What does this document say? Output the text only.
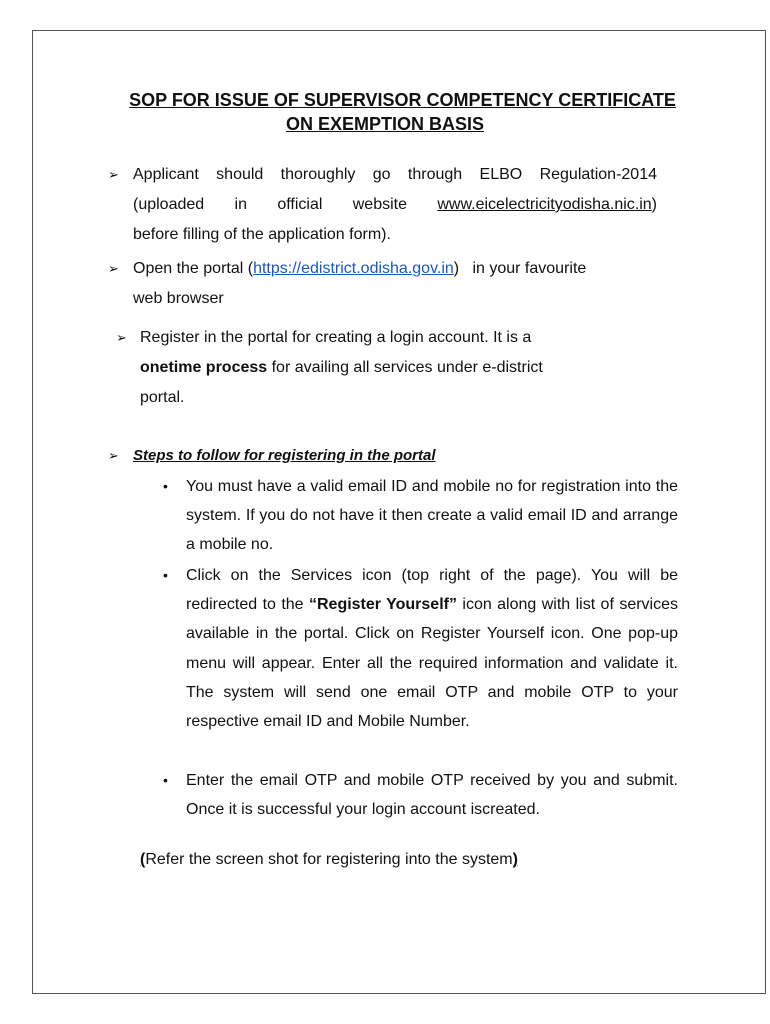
SOP FOR ISSUE OF SUPERVISOR COMPETENCY CERTIFICATE
ON EXEMPTION BASIS
➢ Applicant should thoroughly go through ELBO Regulation-2014
(uploaded in official website www.eicelectricityodisha.nic.in)
before filling of the application form).
➢ Open the portal (https://edistrict.odisha.gov.in)   in your favourite
web browser
➢ Register in the portal for creating a login account. It is a
onetime process for availing all services under e-district
portal.
➢ Steps to follow for registering in the portal
• You must have a valid email ID and mobile no for registration into the system. If you do not have it then create a valid email ID and arrange a mobile no.
• Click on the Services icon (top right of the page). You will be redirected to the “Register Yourself” icon along with list of services available in the portal. Click on Register Yourself icon. One pop-up menu will appear. Enter all the required information and validate it. The system will send one email OTP and mobile OTP to your respective email ID and Mobile Number.
• Enter the email OTP and mobile OTP received by you and submit. Once it is successful your login account iscreated.
(Refer the screen shot for registering into the system)
